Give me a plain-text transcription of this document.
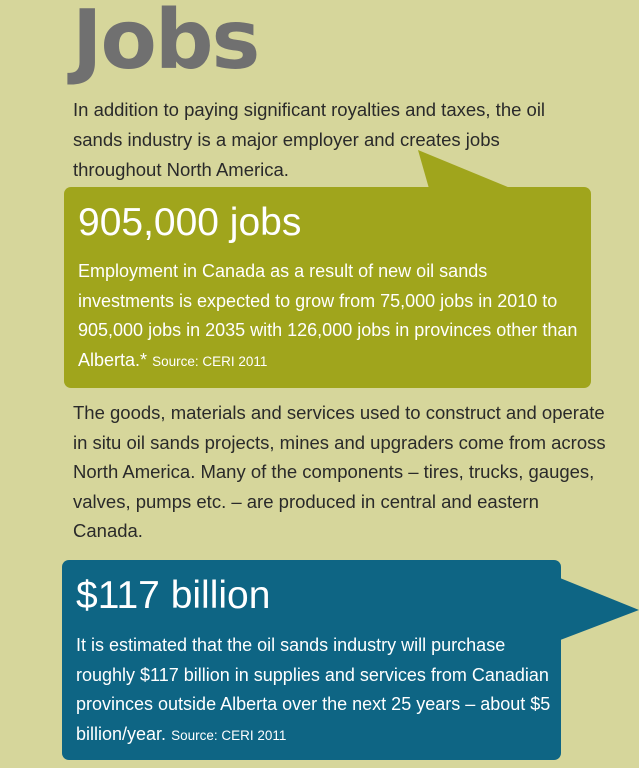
Jobs
In addition to paying significant royalties and taxes, the oil sands industry is a major employer and creates jobs throughout North America.
905,000 jobs
Employment in Canada as a result of new oil sands investments is expected to grow from 75,000 jobs in 2010 to 905,000 jobs in 2035 with 126,000 jobs in provinces other than Alberta.* Source: CERI 2011
The goods, materials and services used to construct and operate in situ oil sands projects, mines and upgraders come from across North America. Many of the components – tires, trucks, gauges, valves, pumps etc. – are produced in central and eastern Canada.
$117 billion
It is estimated that the oil sands industry will purchase roughly $117 billion in supplies and services from Canadian provinces outside Alberta over the next 25 years – about $5 billion/year. Source: CERI 2011
